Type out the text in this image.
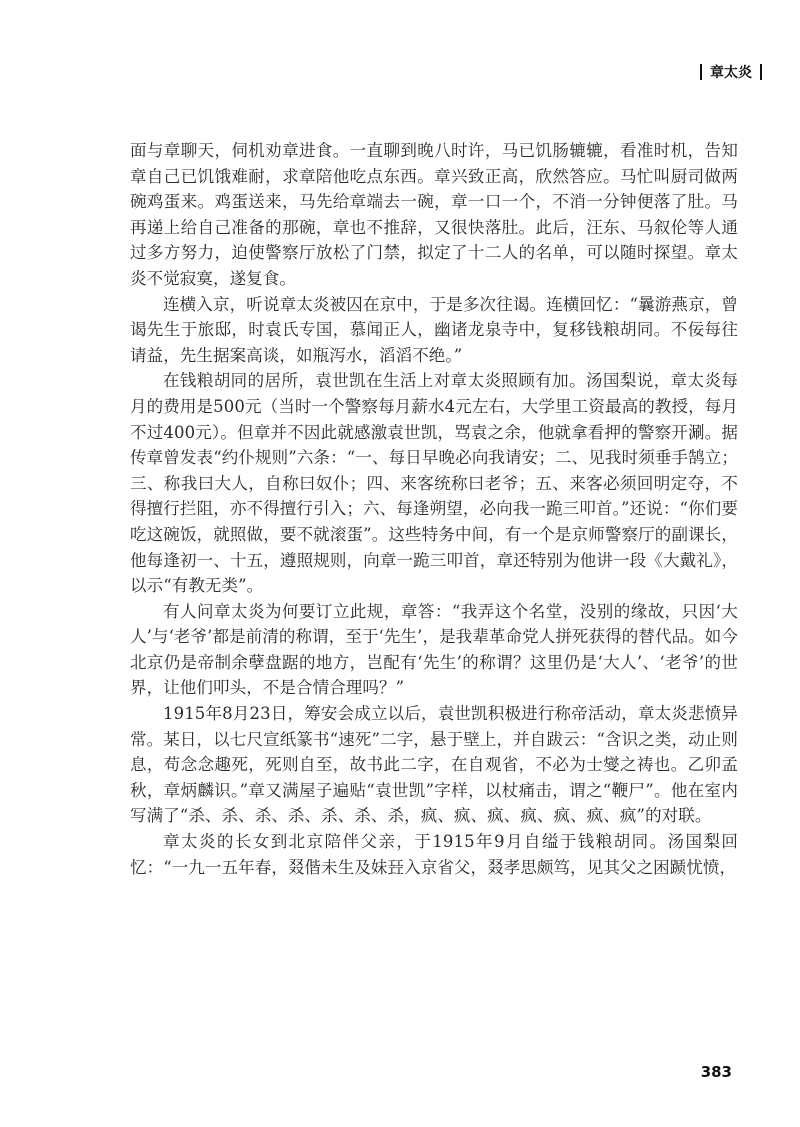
章太炎

面与章聊天，伺机劝章进食。一直聊到晚八时许，马已饥肠辘辘，看准时机，告知章自己已饥饿难耐，求章陪他吃点东西。章兴致正高，欣然答应。马忙叫厨司做两碗鸡蛋来。鸡蛋送来，马先给章端去一碗，章一口一个，不消一分钟便落了肚。马再递上给自己准备的那碗，章也不推辞，又很快落肚。此后，汪东、马叙伦等人通过多方努力，迫使警察厅放松了门禁，拟定了十二人的名单，可以随时探望。章太炎不觉寂寞，遂复食。

连横入京，听说章太炎被囚在京中，于是多次往谒。连横回忆：“曩游燕京，曾谒先生于旅邸，时袁氏专国，慕闻正人，幽诸龙泉寺中，复移钱粮胡同。不佞每往请益，先生据案高谈，如瓶泻水，滔滔不绝。”

在钱粮胡同的居所，袁世凯在生活上对章太炎照顾有加。汤国梨说，章太炎每月的费用是500元（当时一个警察每月薪水4元左右，大学里工资最高的教授，每月不过400元）。但章并不因此就感激袁世凯，骂袁之余，他就拿看押的警察开涮。据传章曾发表“约仆规则”六条：“一、每日早晚必向我请安；二、见我时须垂手鹄立；三、称我曰大人，自称曰奴仆；四、来客统称曰老爷；五、来客必须回明定夺，不得擅行拦阻，亦不得擅行引入；六、每逢朔望，必向我一跪三叩首。”还说：“你们要吃这碗饭，就照做，要不就滚蛋”。这些特务中间，有一个是京师警察厅的副课长，他每逢初一、十五，遵照规则，向章一跪三叩首，章还特别为他讲一段《大戴礼》，以示“有教无类”。

有人问章太炎为何要订立此规，章答：“我弄这个名堂，没别的缘故，只因‘大人’与‘老爷’都是前清的称谓，至于‘先生’，是我辈革命党人拼死获得的替代品。如今北京仍是帝制余孽盘踞的地方，岂配有‘先生’的称谓？这里仍是‘大人’、‘老爷’的世界，让他们叩头，不是合情合理吗？”

1915年8月23日，筹安会成立以后，袁世凯积极进行称帝活动，章太炎悲愤异常。某日，以七尺宣纸篆书“速死”二字，悬于壁上，并自跋云：“含识之类，动止则息，苟念念趣死，死则自至，故书此二字，在自观省，不必为士燮之祷也。乙卯孟秋，章炳麟识。”章又满屋子遍贴“袁世凯”字样，以杖痛击，谓之“鞭尸”。他在室内写满了“杀、杀、杀、杀、杀、杀、杀，疯、疯、疯、疯、疯、疯、疯”的对联。

章太炎的长女到北京陪伴父亲，于1915年9月自缢于钱粮胡同。汤国梨回忆：“一九一五年春，叕偕未生及妹㠭入京省父，叕孝思颇笃，见其父之困踬忧愤，

383
